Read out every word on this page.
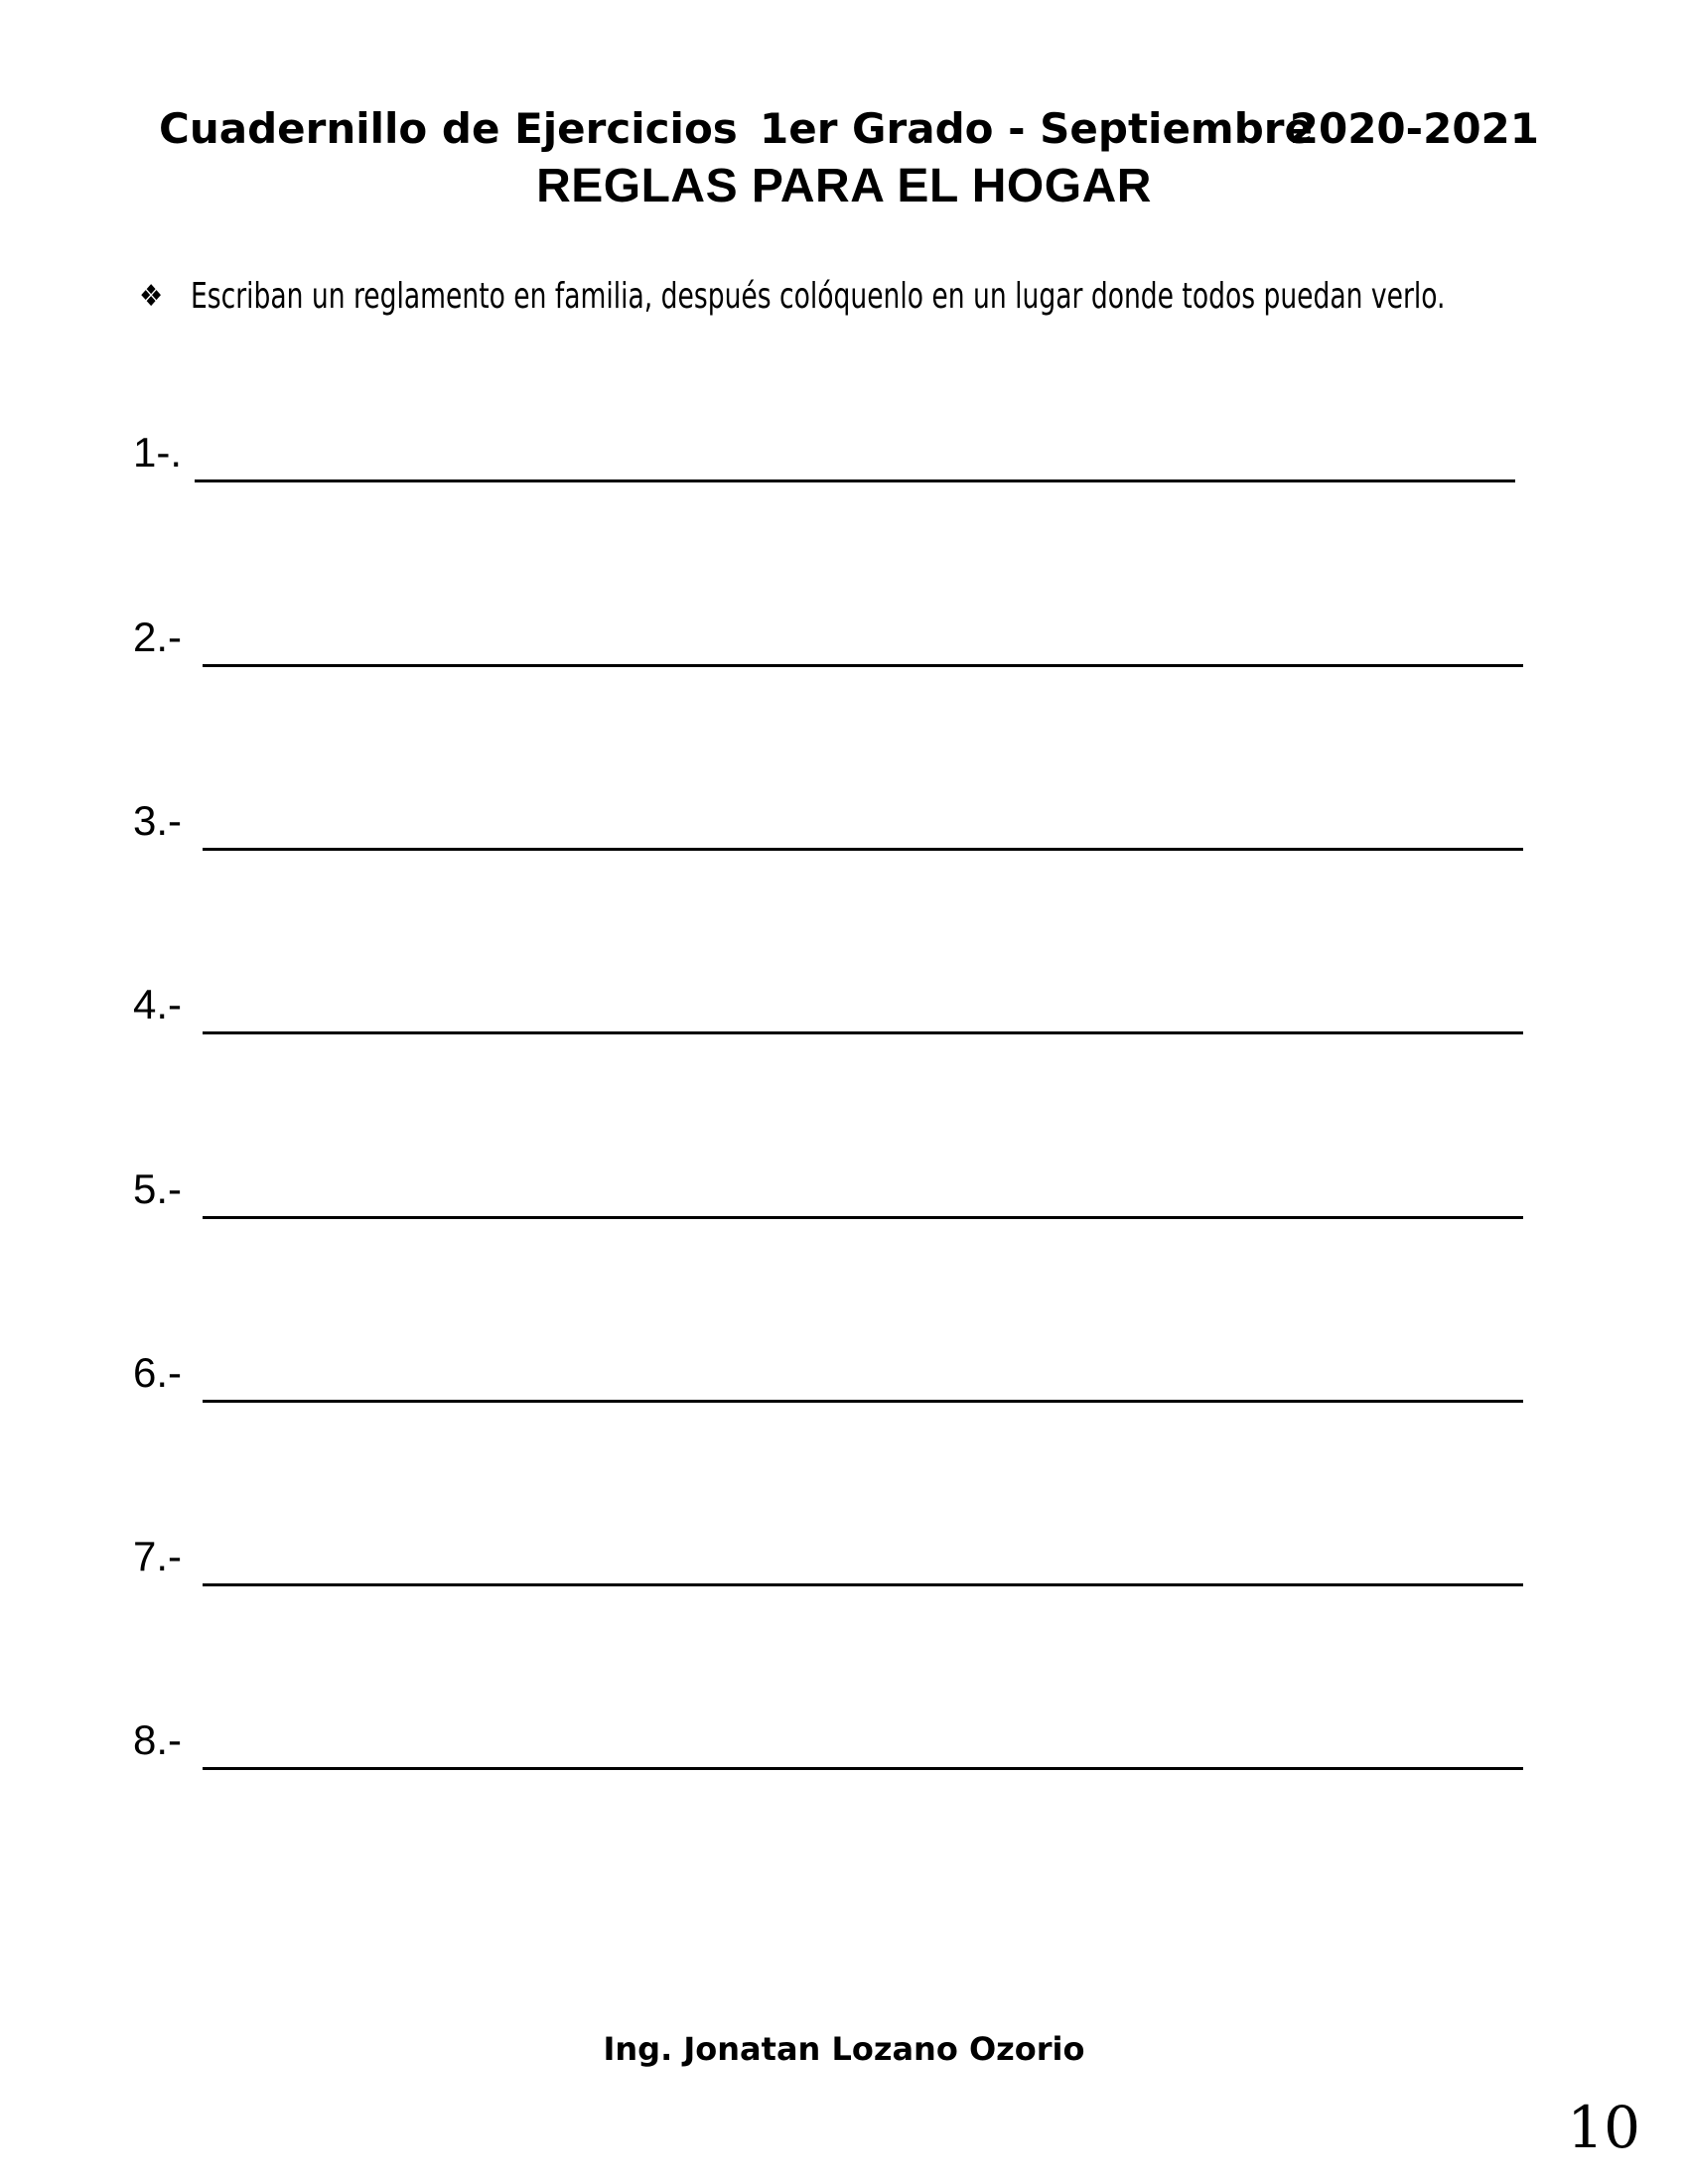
Cuadernillo de Ejercicios 1er Grado - Septiembre
2020-2021
REGLAS PARA EL HOGAR
❖ Escriban un reglamento en familia, después colóquenlo en un lugar donde todos puedan verlo.
1-.
2.-
3.-
4.-
5.-
6.-
7.-
8.-
Ing. Jonatan Lozano Ozorio
10
